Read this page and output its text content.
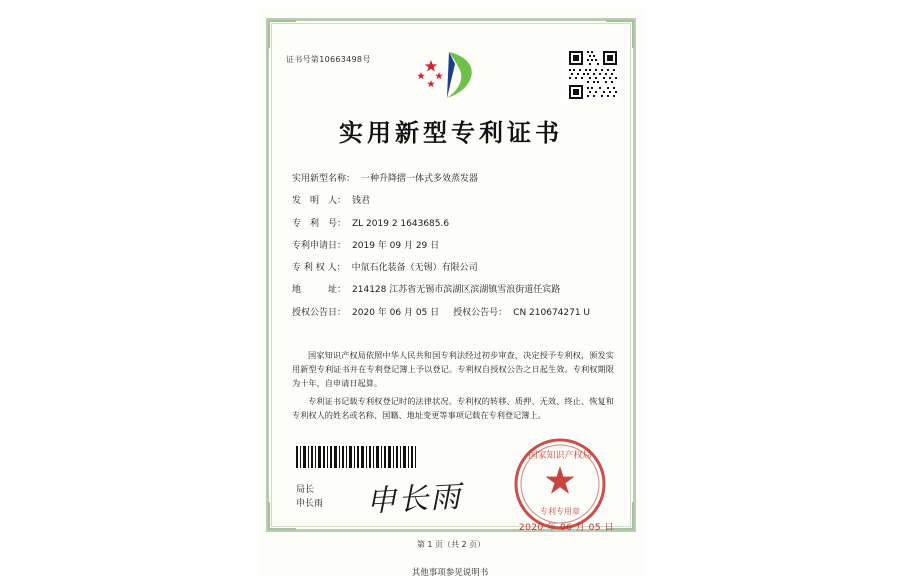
证书号第10663498号
实用新型专利证书
实用新型名称： 一种升降摺一体式多效蒸发器
发　明　人： 钱君
专　利　号： ZL 2019 2 1643685.6
专利申请日： 2019 年 09 月 29 日
专 利 权 人： 中氚石化装备（无锡）有限公司
地　　　址： 214128 江苏省无锡市滨湖区滨湖镇雪浪街道任宾路
授权公告日： 2020 年 06 月 05 日 授权公告号： CN 210674271 U

国家知识产权局依照中华人民共和国专利法经过初步审查，决定授予专利权，颁发实用新型专利证书并在专利登记簿上予以登记。专利权自授权公告之日起生效。专利权期限为十年，自申请日起算。

专利证书记载专利权登记时的法律状况。专利权的转移、质押、无效、终止、恢复和专利权人的姓名或名称、国籍、地址变更等事项记载在专利登记簿上。

局长
申长雨 申长雨
国家知识产权局
专利专用章
2020 年 06 月 05 日
第 1 页（共 2 页）
其他事项参见说明书
